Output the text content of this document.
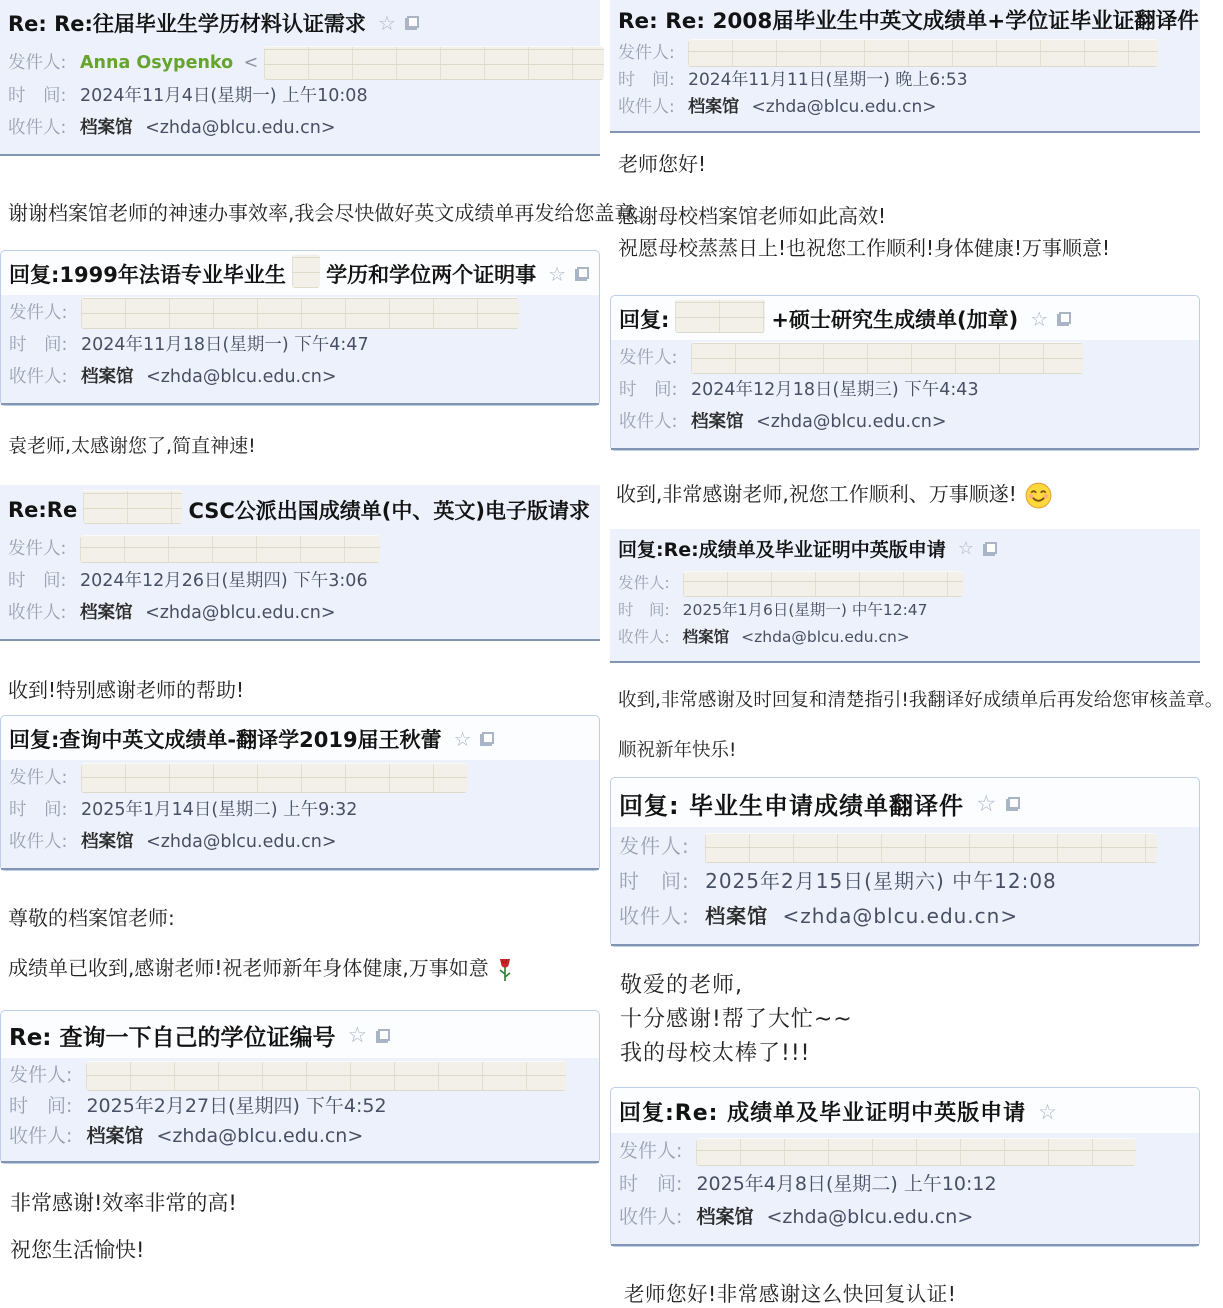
Re: Re:往届毕业生学历材料认证需求 ☆
发件人: Anna Osypenko <
时　间: 2024年11月4日(星期一) 上午10:08
收件人: 档案馆 <zhda@blcu.edu.cn>

谢谢档案馆老师的神速办事效率,我会尽快做好英文成绩单再发给您盖章。

回复:1999年法语专业毕业生 学历和学位两个证明事 ☆
发件人:
时　间: 2024年11月18日(星期一) 下午4:47
收件人: 档案馆 <zhda@blcu.edu.cn>

袁老师,太感谢您了,简直神速!

Re:Re	CSC公派出国成绩单(中、英文)电子版请求
发件人:
时　间: 2024年12月26日(星期四) 下午3:06
收件人: 档案馆 <zhda@blcu.edu.cn>

收到!特别感谢老师的帮助!

回复:查询中英文成绩单-翻译学2019届王秋蕾 ☆
发件人:
时　间: 2025年1月14日(星期二) 上午9:32
收件人: 档案馆 <zhda@blcu.edu.cn>

尊敬的档案馆老师:

成绩单已收到,感谢老师!祝老师新年身体健康,万事如意

Re: 查询一下自己的学位证编号 ☆
发件人:
时　间: 2025年2月27日(星期四) 下午4:52
收件人: 档案馆 <zhda@blcu.edu.cn>

非常感谢!效率非常的高!

祝您生活愉快!

Re: Re: 2008届毕业生中英文成绩单+学位证毕业证翻译件
发件人:
时　间: 2024年11月11日(星期一) 晚上6:53
收件人: 档案馆 <zhda@blcu.edu.cn>

老师您好!

感谢母校档案馆老师如此高效!

祝愿母校蒸蒸日上!也祝您工作顺利!身体健康!万事顺意!

回复:	+硕士研究生成绩单(加章) ☆
发件人:
时　间: 2024年12月18日(星期三) 下午4:43
收件人: 档案馆 <zhda@blcu.edu.cn>

收到,非常感谢老师,祝您工作顺利、万事顺遂!

回复:Re:成绩单及毕业证明中英版申请 ☆
发件人:
时　间: 2025年1月6日(星期一) 中午12:47
收件人: 档案馆 <zhda@blcu.edu.cn>

收到,非常感谢及时回复和清楚指引!我翻译好成绩单后再发给您审核盖章。

顺祝新年快乐!

回复: 毕业生申请成绩单翻译件 ☆
发件人:
时　间: 2025年2月15日(星期六) 中午12:08
收件人: 档案馆 <zhda@blcu.edu.cn>

敬爱的老师,

十分感谢!帮了大忙~~

我的母校太棒了!!!

回复:Re: 成绩单及毕业证明中英版申请 ☆
发件人:
时　间: 2025年4月8日(星期二) 上午10:12
收件人: 档案馆 <zhda@blcu.edu.cn>

老师您好!非常感谢这么快回复认证!
